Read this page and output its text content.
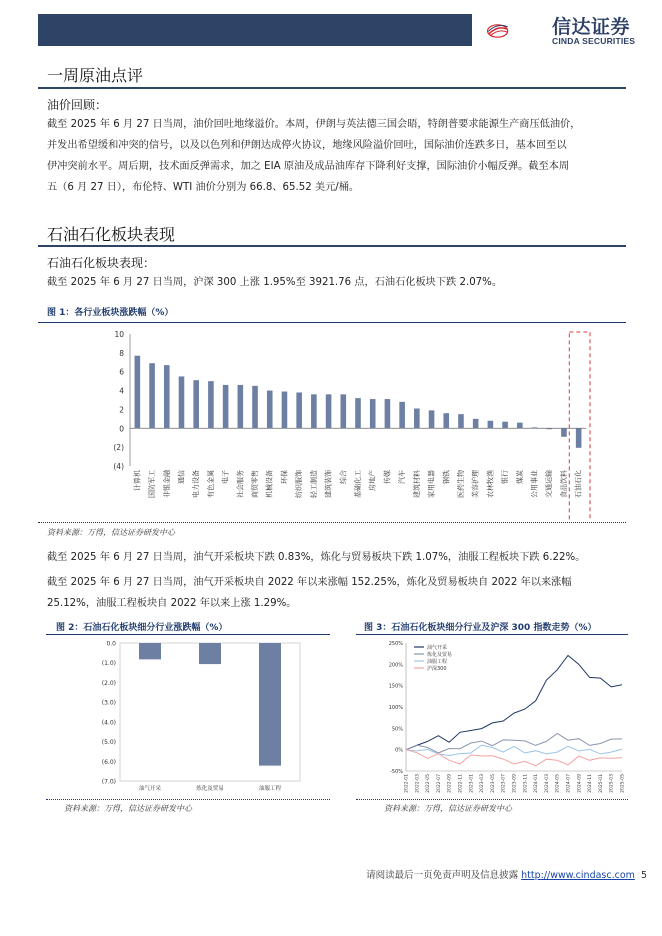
信达证券
CINDA SECURITIES
一周原油点评
油价回顾：
截至 2025 年 6 月 27 日当周，油价回吐地缘溢价。本周，伊朗与英法德三国会晤，特朗普要求能源生产商压低油价，
并发出希望缓和冲突的信号，以及以色列和伊朗达成停火协议，地缘风险溢价回吐，国际油价连跌多日，基本回至以
伊冲突前水平。周后期，技术面反弹需求，加之 EIA 原油及成品油库存下降利好支撑，国际油价小幅反弹。截至本周
五（6 月 27 日），布伦特、WTI 油价分别为 66.8、65.52 美元/桶。
石油石化板块表现
石油石化板块表现：
截至 2025 年 6 月 27 日当周，沪深 300 上涨 1.95%至 3921.76 点，石油石化板块下跌 2.07%。
图 1：各行业板块涨跌幅（%）
10
8
6
4
2
0
(2)
(4)
计算机 国防军工 非银金融 通信 电力设备 有色金属 电子 社会服务 商贸零售 机械设备 环保 纺织服饰 轻工制造 建筑装饰 综合 基础化工 房地产 传媒 汽车 建筑材料 家用电器 钢铁 医药生物 美容护理 农林牧渔 银行 煤炭 公用事业 交通运输 食品饮料 石油石化
资料来源：万得，信达证券研发中心
截至 2025 年 6 月 27 日当周，油气开采板块下跌 0.83%，炼化与贸易板块下跌 1.07%，油服工程板块下跌 6.22%。
截至 2025 年 6 月 27 日当周，油气开采板块自 2022 年以来涨幅 152.25%，炼化及贸易板块自 2022 年以来涨幅
25.12%，油服工程板块自 2022 年以来上涨 1.29%。
图 2：石油石化板块细分行业涨跌幅（%）
0.0
(1.0)
(2.0)
(3.0)
(4.0)
(5.0)
(6.0)
(7.0)
油气开采	炼化及贸易	油服工程
资料来源：万得，信达证券研发中心
图 3：石油石化板块细分行业及沪深 300 指数走势（%）
250%
200%
150%
100%
50%
0%
-50%
2022-01 2022-03 2022-05 2022-07 2022-09 2022-11 2023-01 2023-03 2023-05 2023-07 2023-09 2023-11 2024-01 2024-03 2024-05 2024-07 2024-09 2024-11 2025-01 2025-03 2025-05
油气开采
炼化及贸易
油服工程
沪深300
资料来源：万得，信达证券研发中心
请阅读最后一页免责声明及信息披露 http://www.cindasc.com 5
